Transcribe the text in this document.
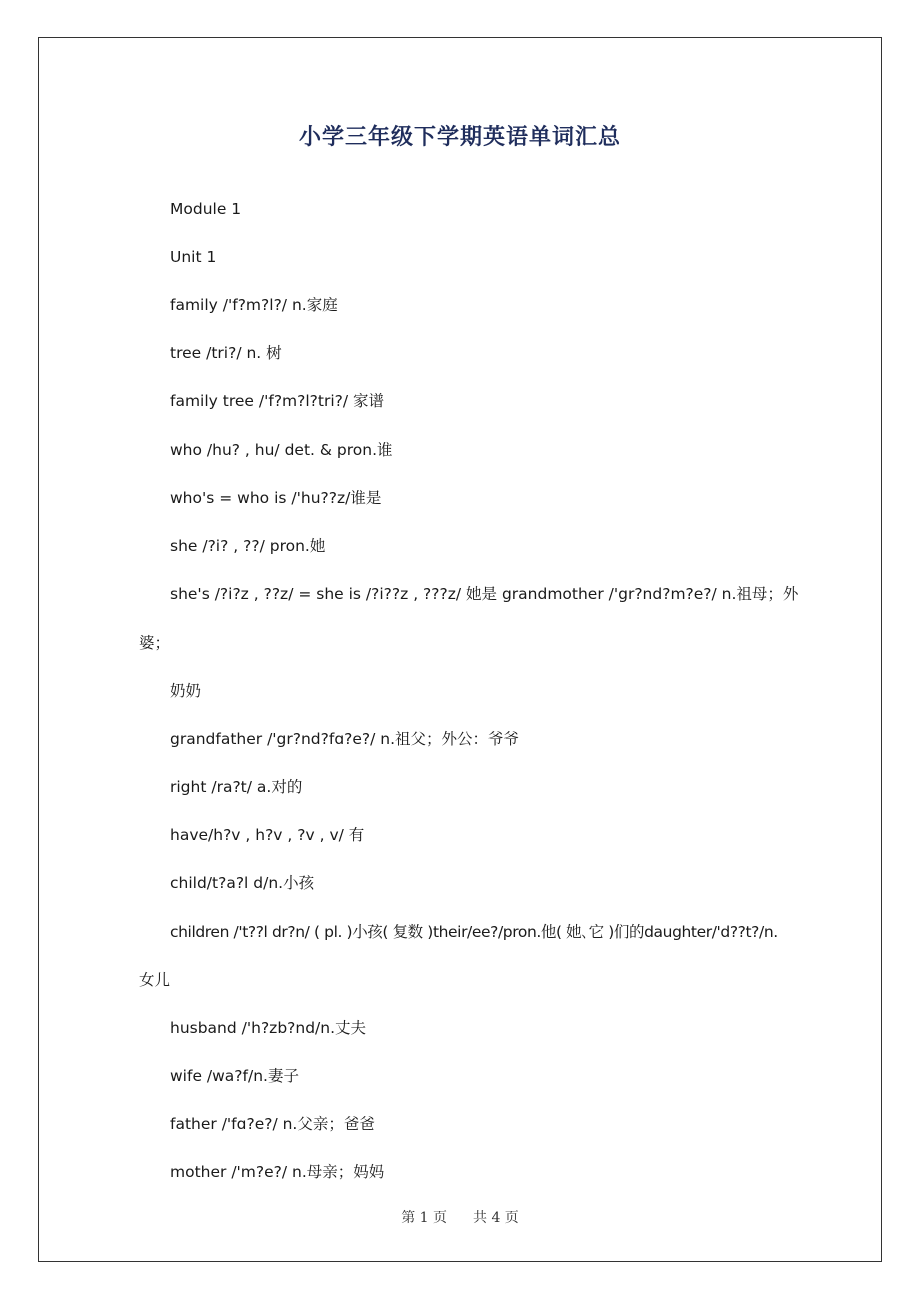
小学三年级下学期英语单词汇总

Module 1

Unit 1

family /'f?m?l?/ n.家庭

tree /tri?/ n. 树

family tree /'f?m?l?tri?/ 家谱

who /hu? , hu/ det. & pron.谁

who's = who is /'hu??z/谁是

she /?i? , ??/ pron.她

she's /?i?z , ??z/ = she is /?i??z , ???z/ 她是 grandmother /'gr?nd?m?e?/ n.祖母；外

婆；

奶奶

grandfather /'gr?nd?fɑ?e?/ n.祖父；外公：爷爷

right /ra?t/ a.对的

have/h?v , h?v , ?v , v/ 有

child/t?a?l d/n.小孩

children /'t??l dr?n/ ( pl. )小孩( 复数 )their/ee?/pron.他( 她､它 )们的daughter/'d??t?/n.

女儿

husband /'h?zb?nd/n.丈夫

wife /wa?f/n.妻子

father /'fɑ?e?/ n.父亲；爸爸

mother /'m?e?/ n.母亲；妈妈

第 1 页 共 4 页
